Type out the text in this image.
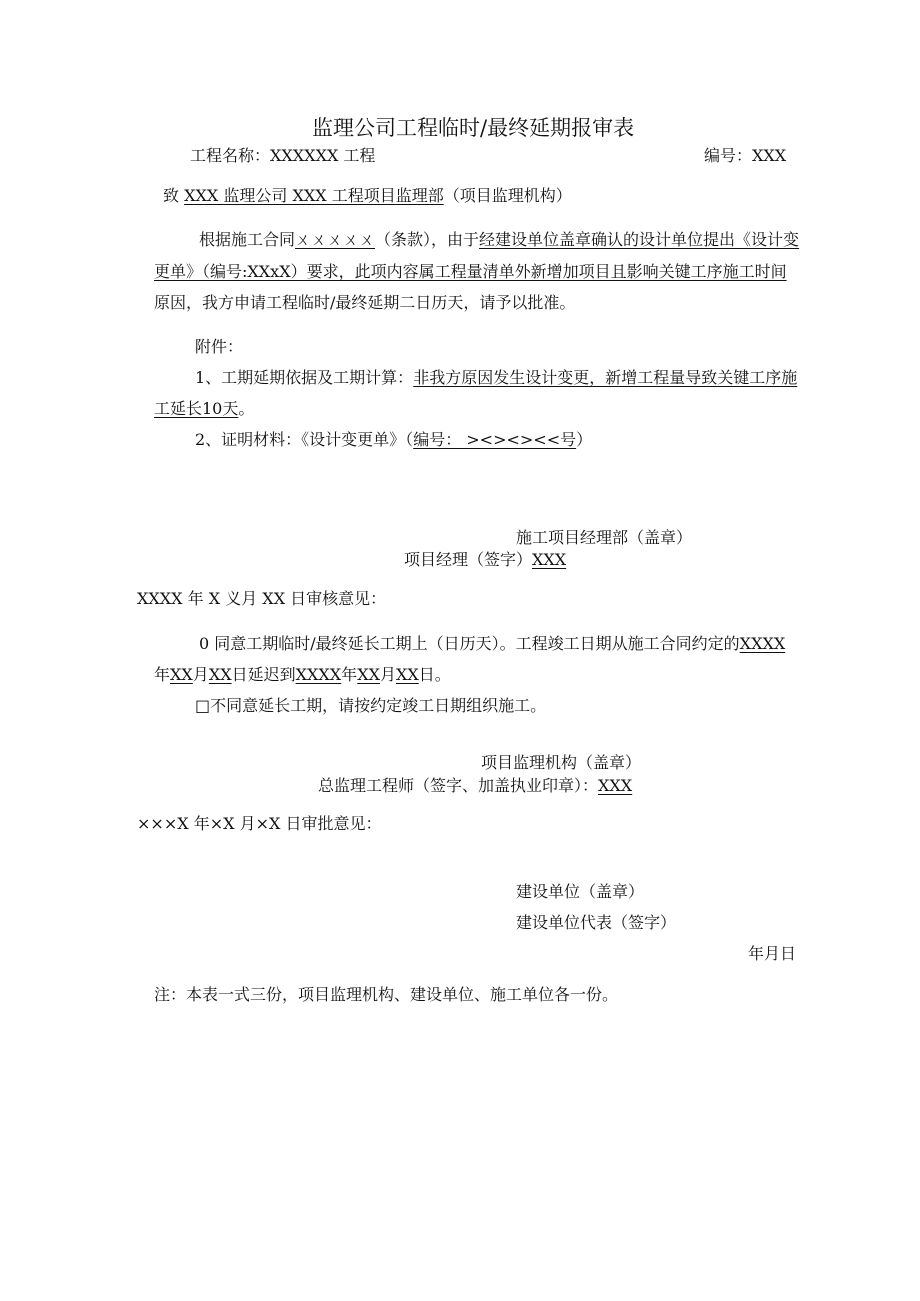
监理公司工程临时/最终延期报审表
工程名称：XXXXXX 工程	编号：XXX
致 XXX 监理公司 XXX 工程项目监理部（项目监理机构）
根据施工合同ㄨㄨㄨㄨㄨ（条款），由于经建设单位盖章确认的设计单位提出《设计变
更单》（编号:XXxX）要求，此项内容属工程量清单外新增加项目且影响关键工序施工时间
原因，我方申请工程临时/最终延期二日历天，请予以批准。
附件：
1、工期延期依据及工期计算：非我方原因发生设计变更，新增工程量导致关键工序施
工延长10天。
2、证明材料：《设计变更单》（编号： ><><><<号）
施工项目经理部（盖章）
项目经理（签字）XXX
XXXX 年 X 义月 XX 日审核意见：
0 同意工期临时/最终延长工期上（日历天）。工程竣工日期从施工合同约定的XXXX
年XX月XX日延迟到XXXX年XX月XX日。
□不同意延长工期，请按约定竣工日期组织施工。
项目监理机构（盖章）
总监理工程师（签字、加盖执业印章）：XXX
×××X 年×X 月×X 日审批意见：
建设单位（盖章）
建设单位代表（签字）
年月日
注：本表一式三份，项目监理机构、建设单位、施工单位各一份。
